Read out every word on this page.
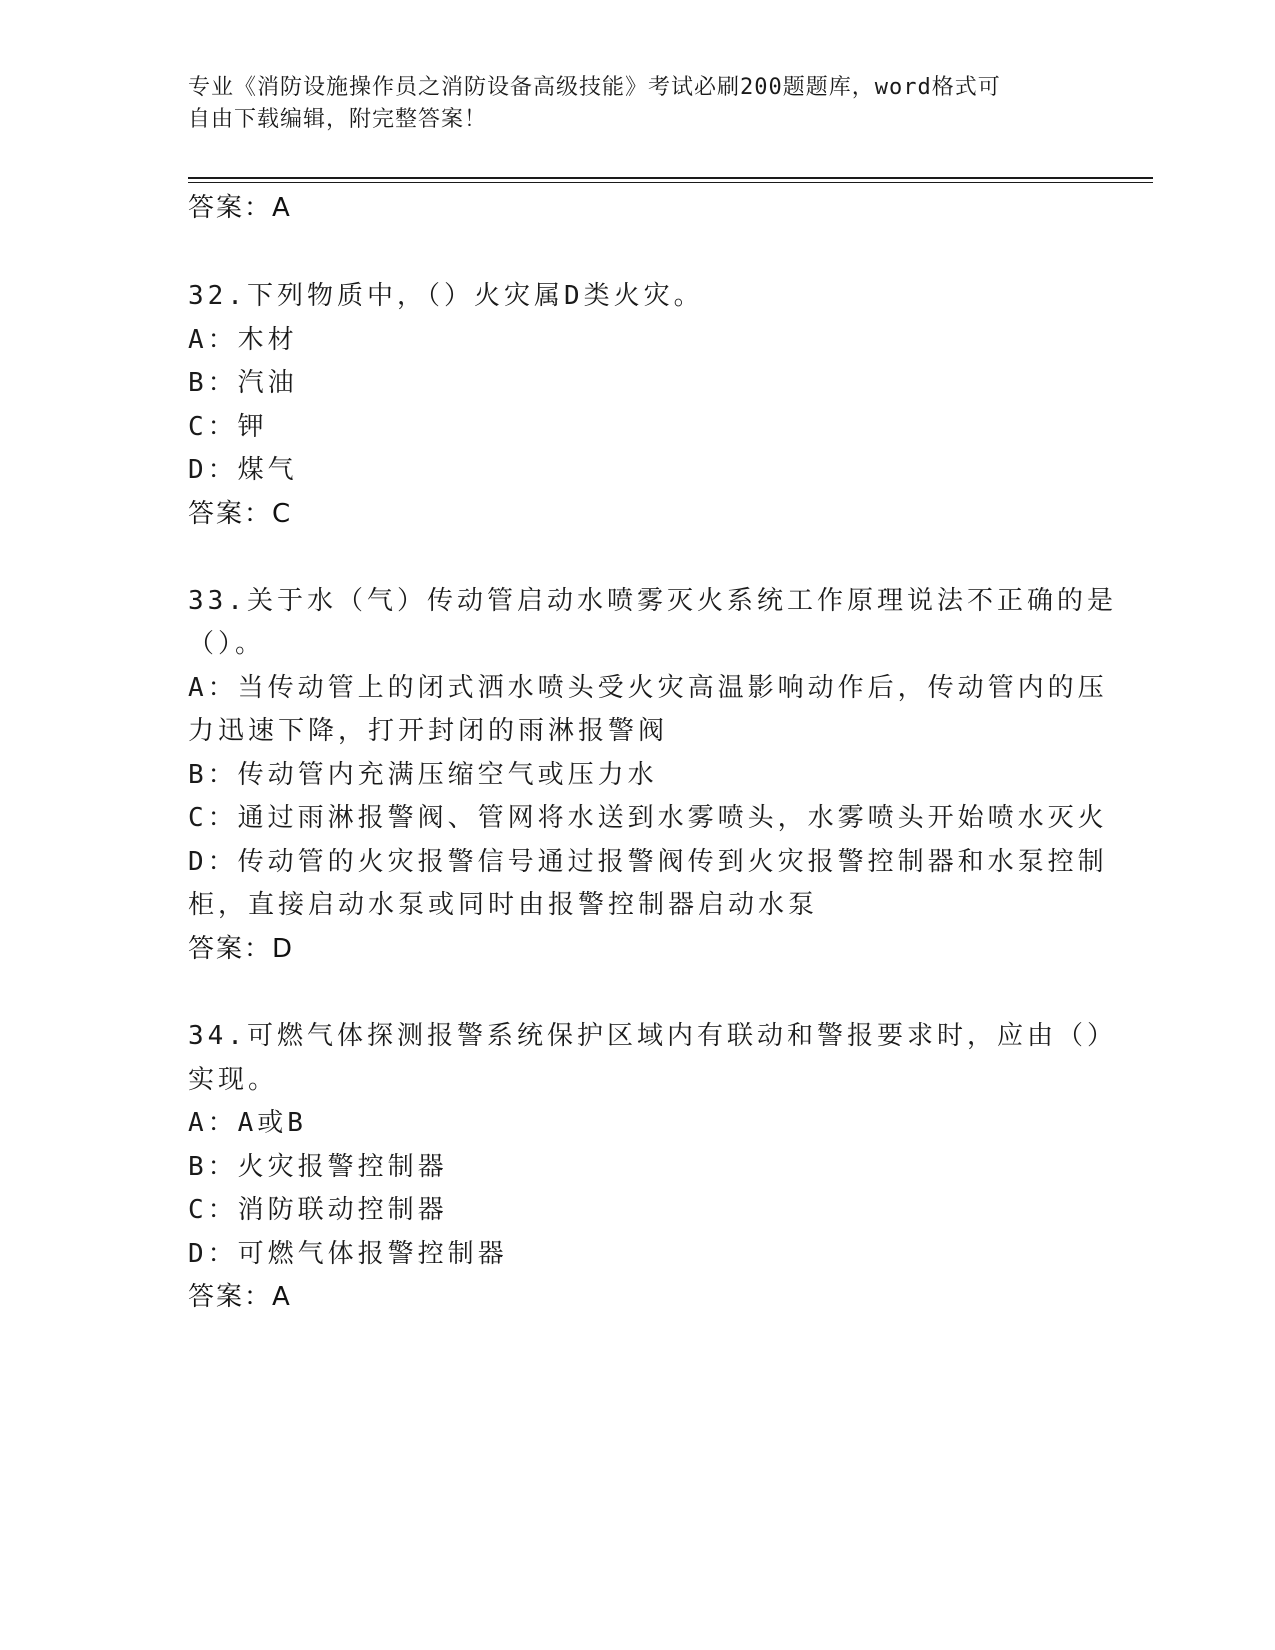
专业《消防设施操作员之消防设备高级技能》考试必刷200题题库，word格式可
自由下载编辑，附完整答案！
答案：A
32.下列物质中，（）火灾属D类火灾。
A：木材
B：汽油
C：钾
D：煤气
答案：C
33.关于水（气）传动管启动水喷雾灭火系统工作原理说法不正确的是
（）。
A：当传动管上的闭式洒水喷头受火灾高温影响动作后，传动管内的压
力迅速下降，打开封闭的雨淋报警阀
B：传动管内充满压缩空气或压力水
C：通过雨淋报警阀、管网将水送到水雾喷头，水雾喷头开始喷水灭火
D：传动管的火灾报警信号通过报警阀传到火灾报警控制器和水泵控制
柜，直接启动水泵或同时由报警控制器启动水泵
答案：D
34.可燃气体探测报警系统保护区域内有联动和警报要求时，应由（）
实现。
A：A或B
B：火灾报警控制器
C：消防联动控制器
D：可燃气体报警控制器
答案：A
